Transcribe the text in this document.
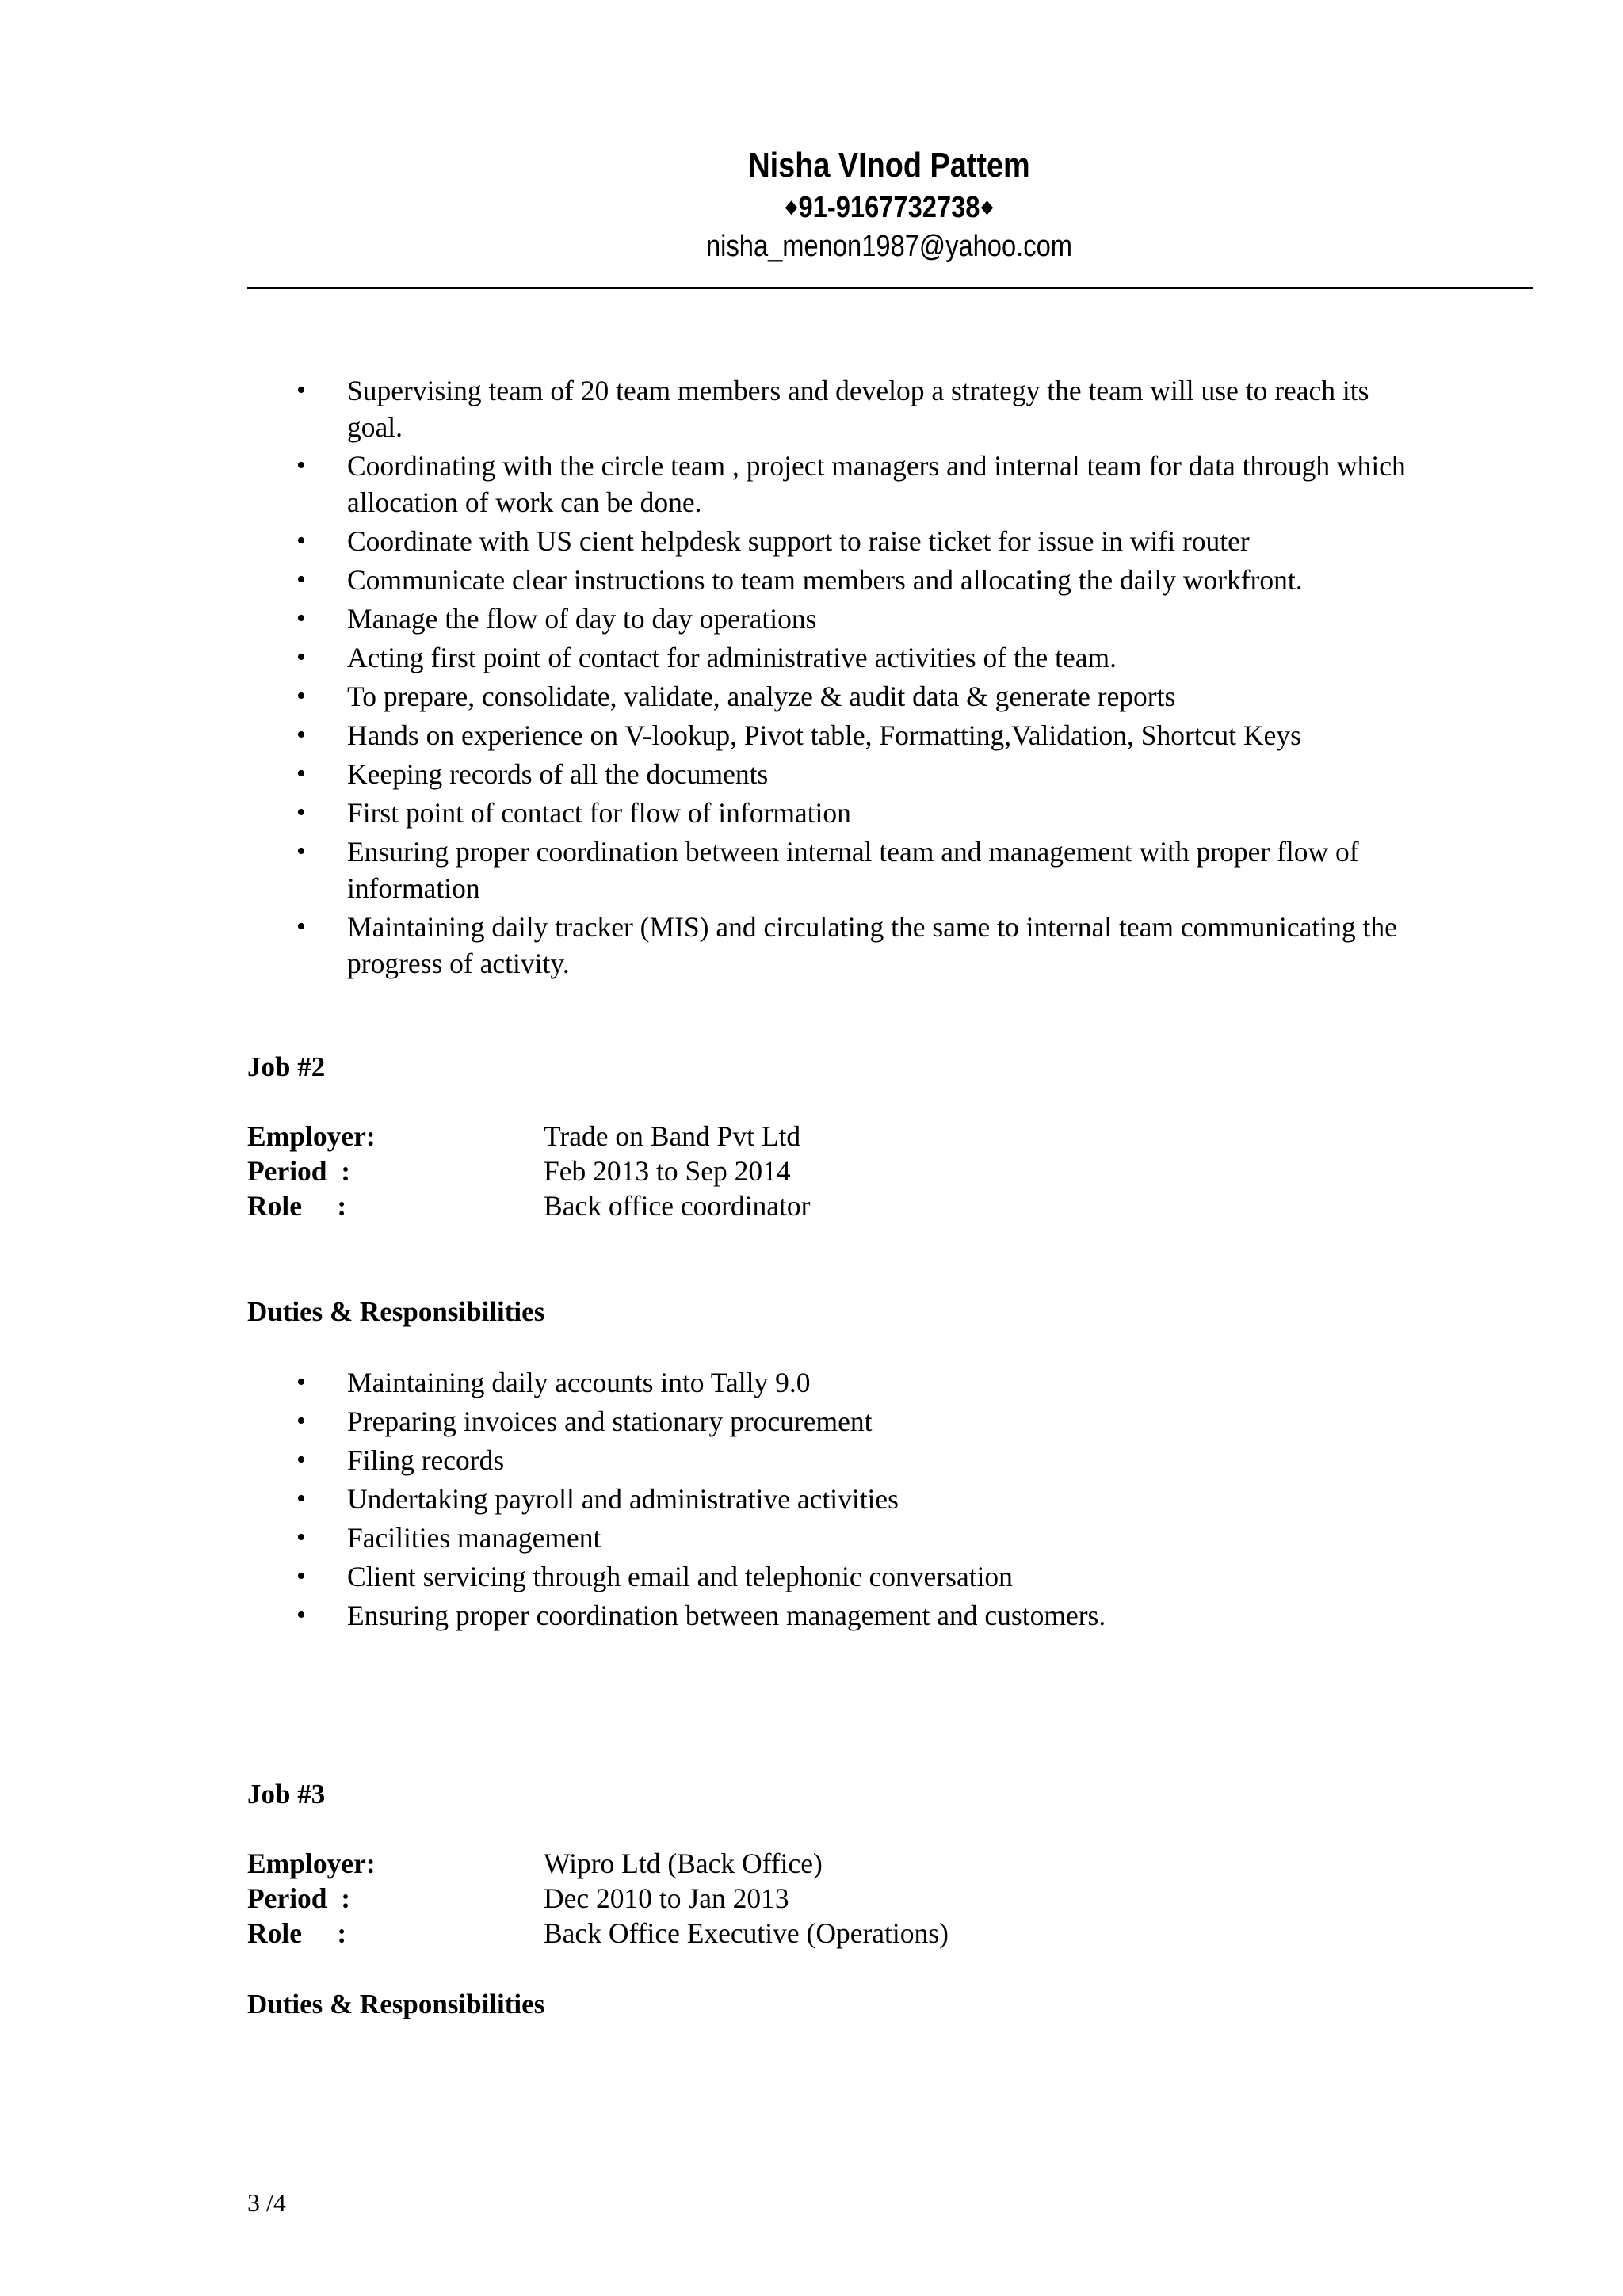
Nisha VInod Pattem
◆91-9167732738◆
nisha_menon1987@yahoo.com
• Supervising team of 20 team members and develop a strategy the team will use to reach its goal.
• Coordinating with the circle team , project managers and internal team for data through which allocation of work can be done.
• Coordinate with US cient helpdesk support to raise ticket for issue in wifi router
• Communicate clear instructions to team members and allocating the daily workfront.
• Manage the flow of day to day operations
• Acting first point of contact for administrative activities of the team.
• To prepare, consolidate, validate, analyze & audit data & generate reports
• Hands on experience on V-lookup, Pivot table, Formatting,Validation, Shortcut Keys
• Keeping records of all the documents
• First point of contact for flow of information
• Ensuring proper coordination between internal team and management with proper flow of information
• Maintaining daily tracker (MIS) and circulating the same to internal team communicating the progress of activity.
Job #2
Employer:	Trade on Band Pvt Ltd
Period  :	Feb 2013 to Sep 2014
Role     :	Back office coordinator
Duties & Responsibilities
• Maintaining daily accounts into Tally 9.0
• Preparing invoices and stationary procurement
• Filing records
• Undertaking payroll and administrative activities
• Facilities management
• Client servicing through email and telephonic conversation
• Ensuring proper coordination between management and customers.
Job #3
Employer:	Wipro Ltd (Back Office)
Period  :	Dec 2010 to Jan 2013
Role     :	Back Office Executive (Operations)
Duties & Responsibilities
3 /4
